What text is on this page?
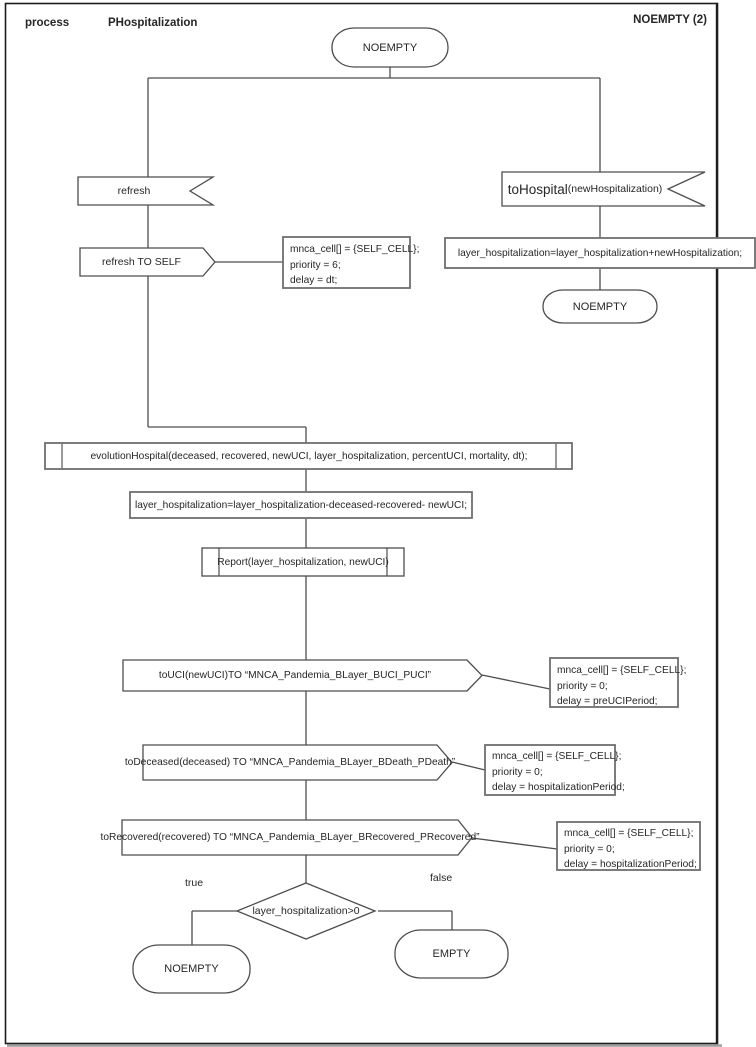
process	PHospitalization	NOEMPTY (2)
NOEMPTY
refresh
refresh TO SELF
mnca_cell[] = {SELF_CELL};
priority = 6;
delay = dt;
toHospital (newHospitalization)
layer_hospitalization=layer_hospitalization+newHospitalization;
NOEMPTY
evolutionHospital(deceased, recovered, newUCI, layer_hospitalization, percentUCI, mortality, dt);
layer_hospitalization=layer_hospitalization-deceased-recovered- newUCI;
Report(layer_hospitalization, newUCI)
toUCI(newUCI)TO “MNCA_Pandemia_BLayer_BUCI_PUCI”	mnca_cell[] = {SELF_CELL};
priority = 0;
delay = preUCIPeriod;
toDeceased(deceased) TO “MNCA_Pandemia_BLayer_BDeath_PDeath”
mnca_cell[] = {SELF_CELL};
priority = 0;
delay = hospitalizationPeriod;
toRecovered(recovered) TO “MNCA_Pandemia_BLayer_BRecovered_PRecovered”	mnca_cell[] = {SELF_CELL};
priority = 0;
delay = hospitalizationPeriod;
true	false
layer_hospitalization>0
NOEMPTY
EMPTY
